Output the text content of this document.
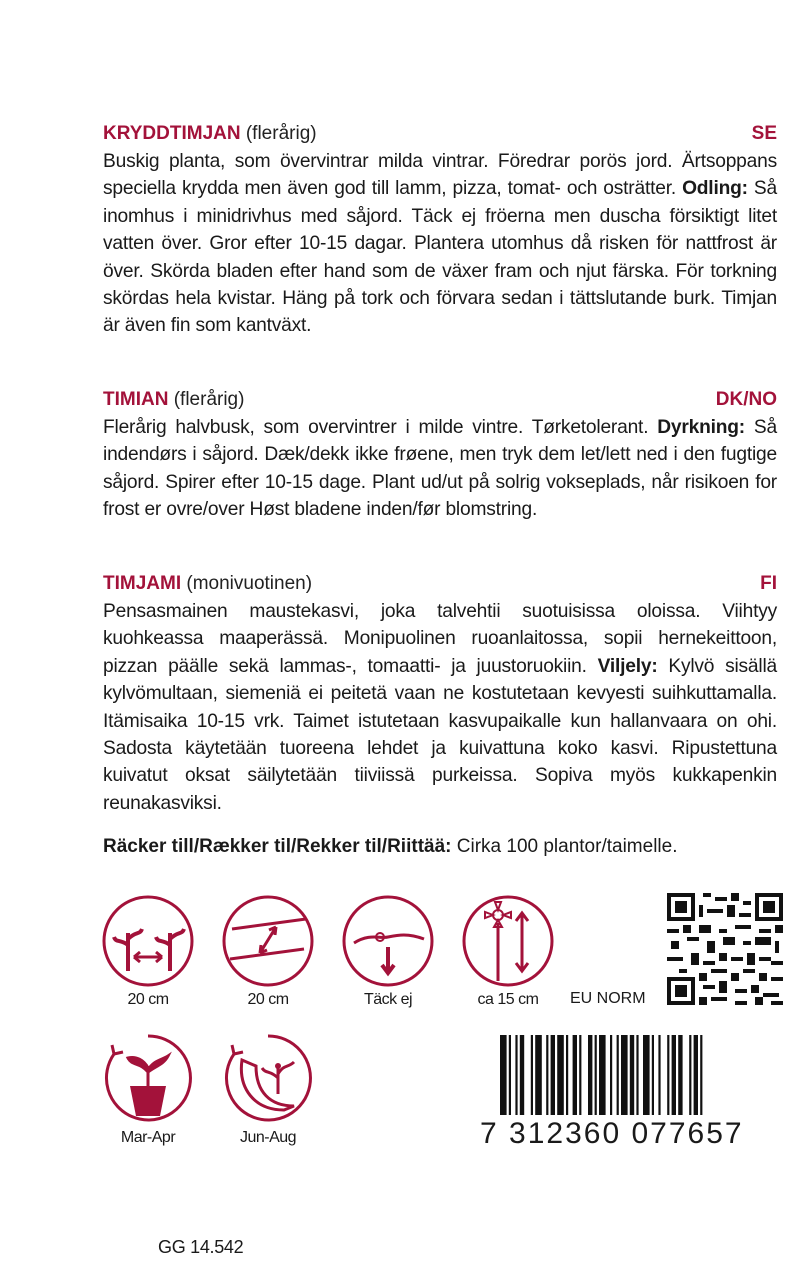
KRYDDTIMJAN (flerårig)	SE
Buskig planta, som övervintrar milda vintrar. Föredrar porös jord. Ärtsoppans speciella krydda men även god till lamm, pizza, tomat- och osträtter. Odling: Så inomhus i minidrivhus med såjord. Täck ej fröerna men duscha försiktigt litet vatten över. Gror efter 10-15 dagar. Plantera utomhus då risken för nattfrost är över. Skörda bladen efter hand som de växer fram och njut färska. För torkning skördas hela kvistar. Häng på tork och förvara sedan i tättslutande burk. Timjan är även fin som kantväxt.
TIMIAN (flerårig)	DK/NO
Flerårig halvbusk, som overvintrer i milde vintre. Tørketolerant. Dyrkning: Så indendørs i såjord. Dæk/dekk ikke frøene, men tryk dem let/lett ned i den fugtige såjord. Spirer efter 10-15 dage. Plant ud/ut på solrig vokseplads, når risikoen for frost er ovre/over Høst bladene inden/før blomstring.
TIMJAMI (monivuotinen)	FI
Pensasmainen maustekasvi, joka talvehtii suotuisissa oloissa. Viihtyy kuohkeassa maaperässä. Monipuolinen ruoanlaitossa, sopii hernekeittoon, pizzan päälle sekä lammas-, tomaatti- ja juustoruokiin. Viljely: Kylvö sisällä kylvömultaan, siemeniä ei peitetä vaan ne kostutetaan kevyesti suihkuttamalla. Itämisaika 10-15 vrk. Taimet istutetaan kasvupaikalle kun hallanvaara on ohi. Sadosta käytetään tuoreena lehdet ja kuivattuna koko kasvi. Ripustettuna kuivatut oksat säilytetään tiiviissä purkeissa. Sopiva myös kukkapenkin reunakasviksi.
Räcker till/Rækker til/Rekker til/Riittää: Cirka 100 plantor/taimelle.
20 cm	20 cm	Täck ej	ca 15 cm	EU NORM
Mar-Apr	Jun-Aug	7 312360 077657
GG 14.542
